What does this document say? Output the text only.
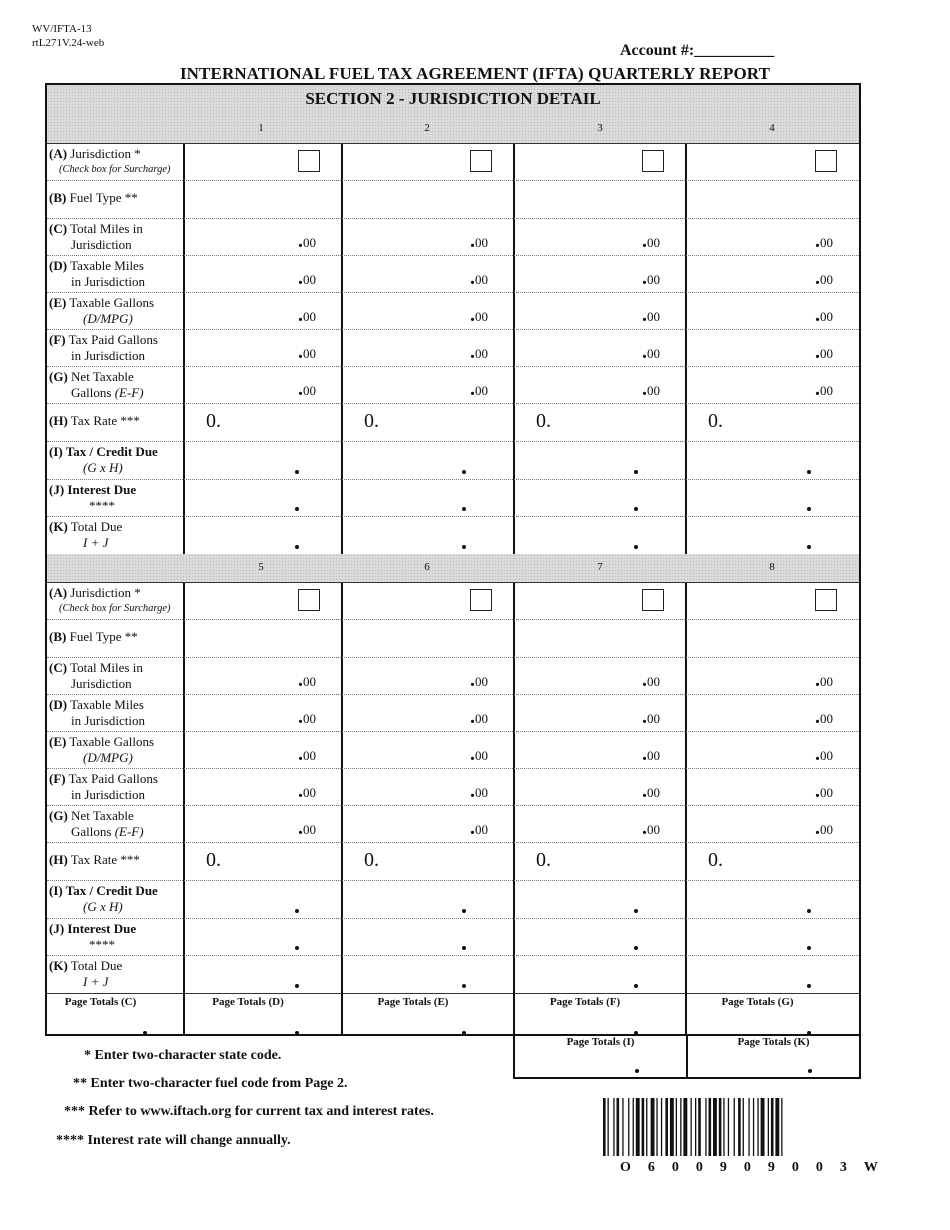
WV/IFTA-13
rtL271V.24-web	Account #:__________
INTERNATIONAL FUEL TAX AGREEMENT (IFTA) QUARTERLY REPORT
SECTION 2 - JURISDICTION DETAIL
1	2	3	4
(A) Jurisdiction *
(Check box for Surcharge)
(B) Fuel Type **
(C) Total Miles in
Jurisdiction	.00	.00	.00	.00
(D) Taxable Miles
in Jurisdiction	.00	.00	.00	.00
(E) Taxable Gallons
(D/MPG)	.00	.00	.00	.00
(F) Tax Paid Gallons
in Jurisdiction	.00	.00	.00	.00
(G) Net Taxable
Gallons (E-F)	.00	.00	.00	.00
(H) Tax Rate ***	0.	0.	0.	0.
(I) Tax / Credit Due
(G x H)
(J) Interest Due
****
(K) Total Due
I + J
5	6	7	8
(A) Jurisdiction *
(Check box for Surcharge)
(B) Fuel Type **
(C) Total Miles in
Jurisdiction	.00	.00	.00	.00
(D) Taxable Miles
in Jurisdiction	.00	.00	.00	.00
(E) Taxable Gallons
(D/MPG)	.00	.00	.00	.00
(F) Tax Paid Gallons
in Jurisdiction	.00	.00	.00	.00
(G) Net Taxable
Gallons (E-F)	.00	.00	.00	.00
(H) Tax Rate ***	0.	0.	0.	0.
(I) Tax / Credit Due
(G x H)
(J) Interest Due
****
(K) Total Due
I + J
Page Totals (C)	Page Totals (D)	Page Totals (E)	Page Totals (F)	Page Totals (G)
Page Totals (I)	Page Totals (K)
* Enter two-character state code.
** Enter two-character fuel code from Page 2.
*** Refer to www.iftach.org for current tax and interest rates.
**** Interest rate will change annually.
O600909003W
